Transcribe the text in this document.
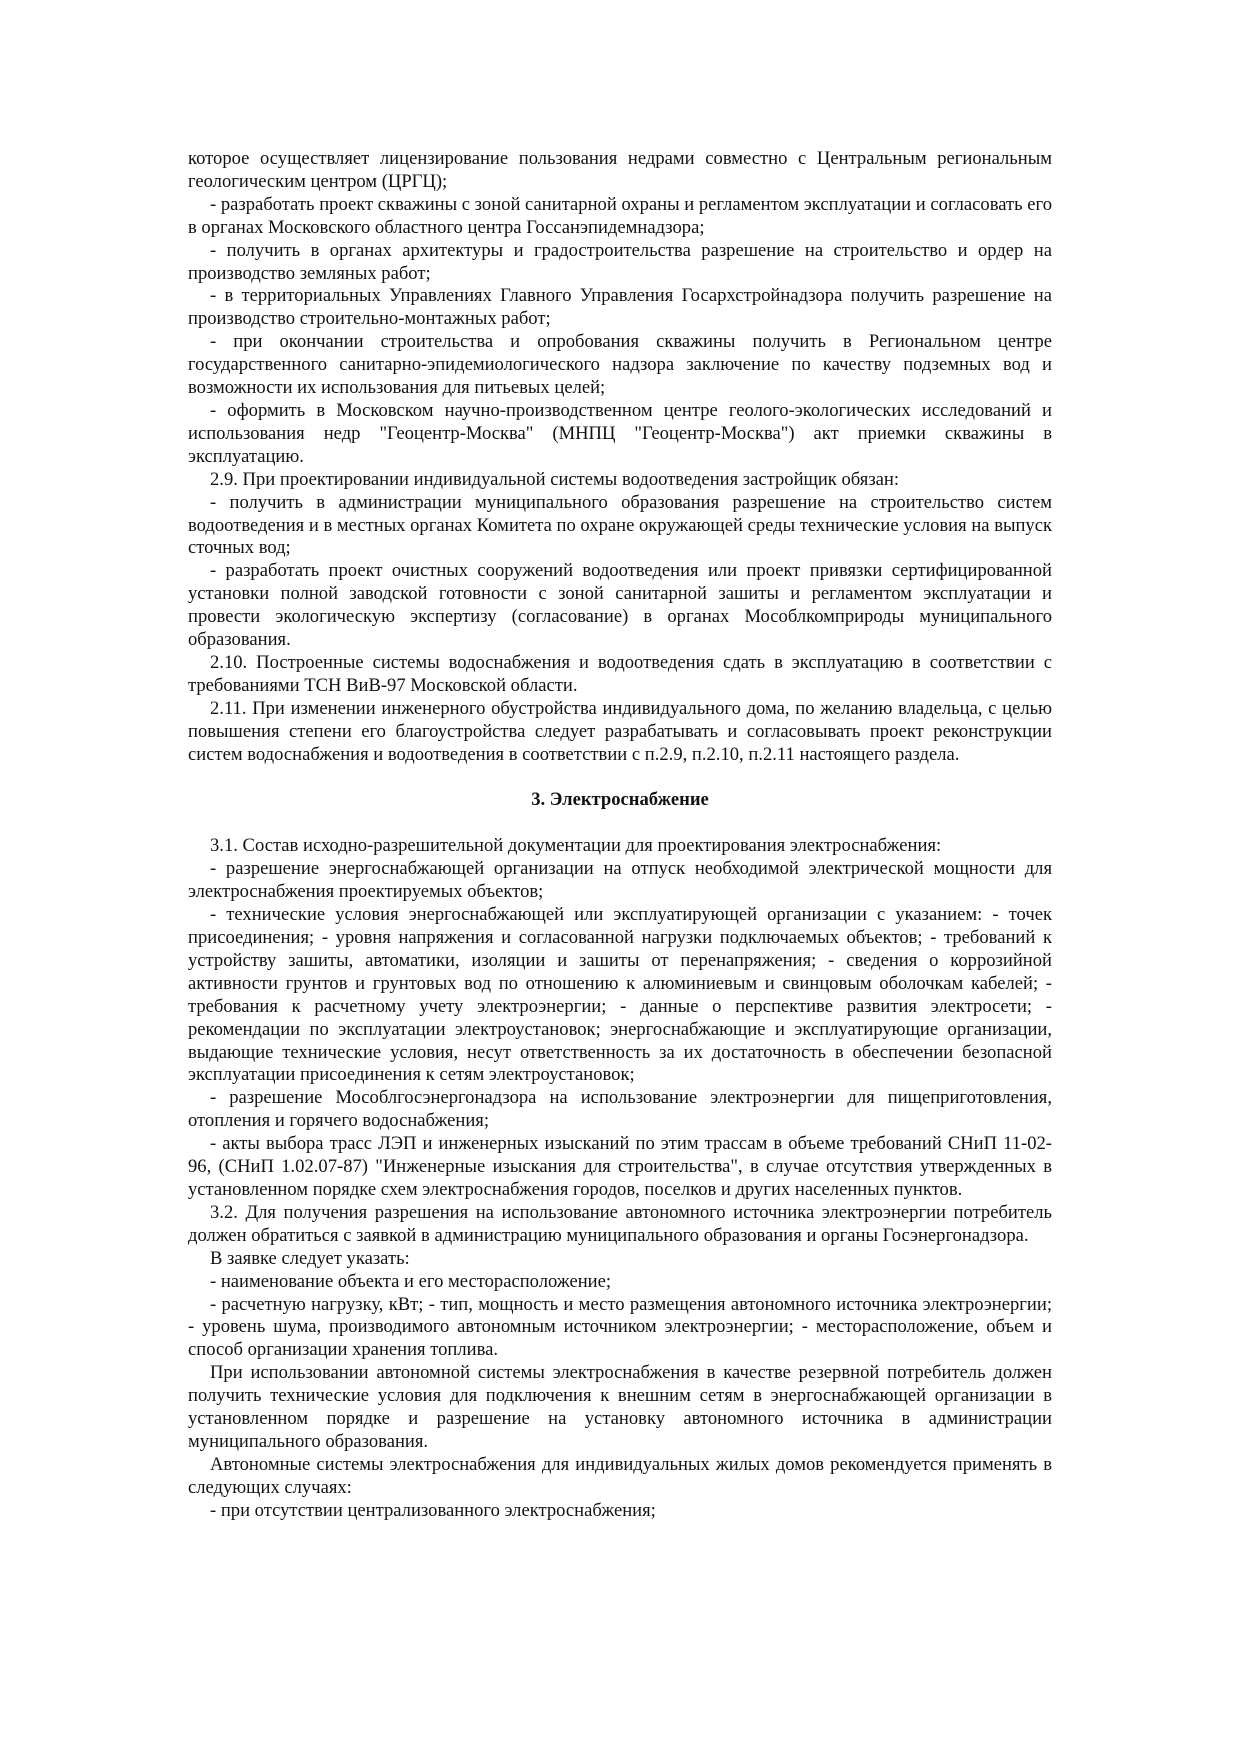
которое осуществляет лицензирование пользования недрами совместно с Центральным региональным геологическим центром (ЦРГЦ);

- разработать проект скважины с зоной санитарной охраны и регламентом эксплуатации и согласовать его в органах Московского областного центра Госсанэпидемнадзора;

- получить в органах архитектуры и градостроительства разрешение на строительство и ордер на производство земляных работ;

- в территориальных Управлениях Главного Управления Госархстройнадзора получить разрешение на производство строительно-монтажных работ;

- при окончании строительства и опробования скважины получить в Региональном центре государственного санитарно-эпидемиологического надзора заключение по качеству подземных вод и возможности их использования для питьевых целей;

- оформить в Московском научно-производственном центре геолого-экологических исследований и использования недр "Геоцентр-Москва" (МНПЦ "Геоцентр-Москва") акт приемки скважины в эксплуатацию.

2.9. При проектировании индивидуальной системы водоотведения застройщик обязан:

- получить в администрации муниципального образования разрешение на строительство систем водоотведения и в местных органах Комитета по охране окружающей среды технические условия на выпуск сточных вод;

- разработать проект очистных сооружений водоотведения или проект привязки сертифицированной установки полной заводской готовности с зоной санитарной зашиты и регламентом эксплуатации и провести экологическую экспертизу (согласование) в органах Мособлкомприроды муниципального образования.

2.10. Построенные системы водоснабжения и водоотведения сдать в эксплуатацию в соответствии с требованиями ТСН ВиВ-97 Московской области.

2.11. При изменении инженерного обустройства индивидуального дома, по желанию владельца, с целью повышения степени его благоустройства следует разрабатывать и согласовывать проект реконструкции систем водоснабжения и водоотведения в соответствии с п.2.9, п.2.10, п.2.11 настоящего раздела.

3. Электроснабжение

3.1. Состав исходно-разрешительной документации для проектирования электроснабжения:

- разрешение энергоснабжающей организации на отпуск необходимой электрической мощности для электроснабжения проектируемых объектов;

- технические условия энергоснабжающей или эксплуатирующей организации с указанием: - точек присоединения; - уровня напряжения и согласованной нагрузки подключаемых объектов; - требований к устройству зашиты, автоматики, изоляции и зашиты от перенапряжения; - сведения о коррозийной активности грунтов и грунтовых вод по отношению к алюминиевым и свинцовым оболочкам кабелей; - требования к расчетному учету электроэнергии; - данные о перспективе развития электросети; - рекомендации по эксплуатации электроустановок; энергоснабжающие и эксплуатирующие организации, выдающие технические условия, несут ответственность за их достаточность в обеспечении безопасной эксплуатации присоединения к сетям электроустановок;

- разрешение Мособлгосэнергонадзора на использование электроэнергии для пищеприготовления, отопления и горячего водоснабжения;

- акты выбора трасс ЛЭП и инженерных изысканий по этим трассам в объеме требований СНиП 11-02-96, (СНиП 1.02.07-87) "Инженерные изыскания для строительства", в случае отсутствия утвержденных в установленном порядке схем электроснабжения городов, поселков и других населенных пунктов.

3.2. Для получения разрешения на использование автономного источника электроэнергии потребитель должен обратиться с заявкой в администрацию муниципального образования и органы Госэнергонадзора.

В заявке следует указать:

- наименование объекта и его месторасположение;

- расчетную нагрузку, кВт; - тип, мощность и место размещения автономного источника электроэнергии; - уровень шума, производимого автономным источником электроэнергии; - месторасположение, объем и способ организации хранения топлива.

При использовании автономной системы электроснабжения в качестве резервной потребитель должен получить технические условия для подключения к внешним сетям в энергоснабжающей организации в установленном порядке и разрешение на установку автономного источника в администрации муниципального образования.

Автономные системы электроснабжения для индивидуальных жилых домов рекомендуется применять в следующих случаях:

- при отсутствии централизованного электроснабжения;
